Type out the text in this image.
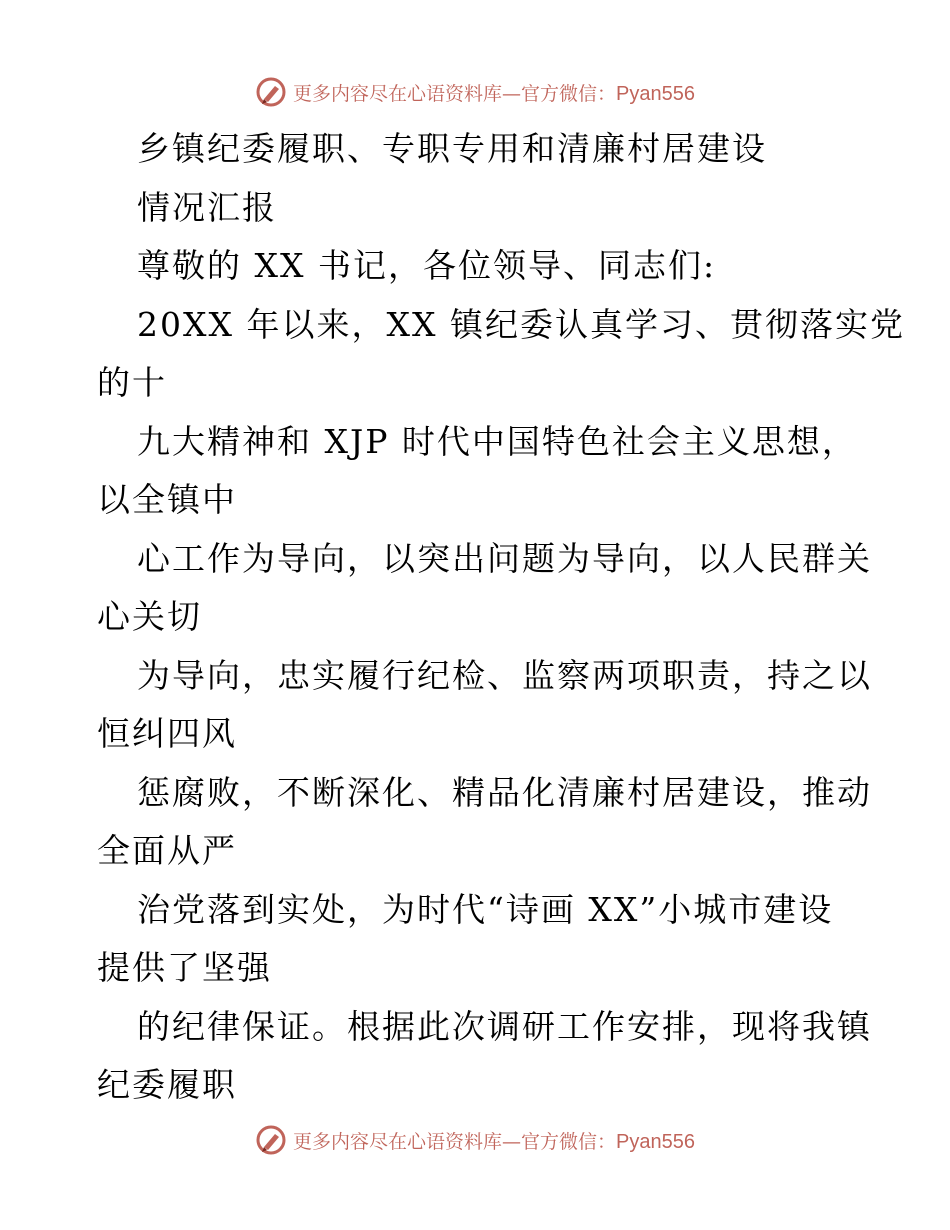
更多内容尽在心语资料库—官方微信：Pyan556
乡镇纪委履职、专职专用和清廉村居建设
情况汇报
尊敬的 XX 书记，各位领导、同志们:
20XX 年以来，XX 镇纪委认真学习、贯彻落实党
的十
九大精神和 XJP 时代中国特色社会主义思想，
以全镇中
心工作为导向，以突出问题为导向，以人民群关
心关切
为导向，忠实履行纪检、监察两项职责，持之以
恒纠四风
惩腐败，不断深化、精品化清廉村居建设，推动
全面从严
治党落到实处，为时代“诗画 XX”小城市建设
提供了坚强
的纪律保证。根据此次调研工作安排，现将我镇
纪委履职
更多内容尽在心语资料库—官方微信：Pyan556
